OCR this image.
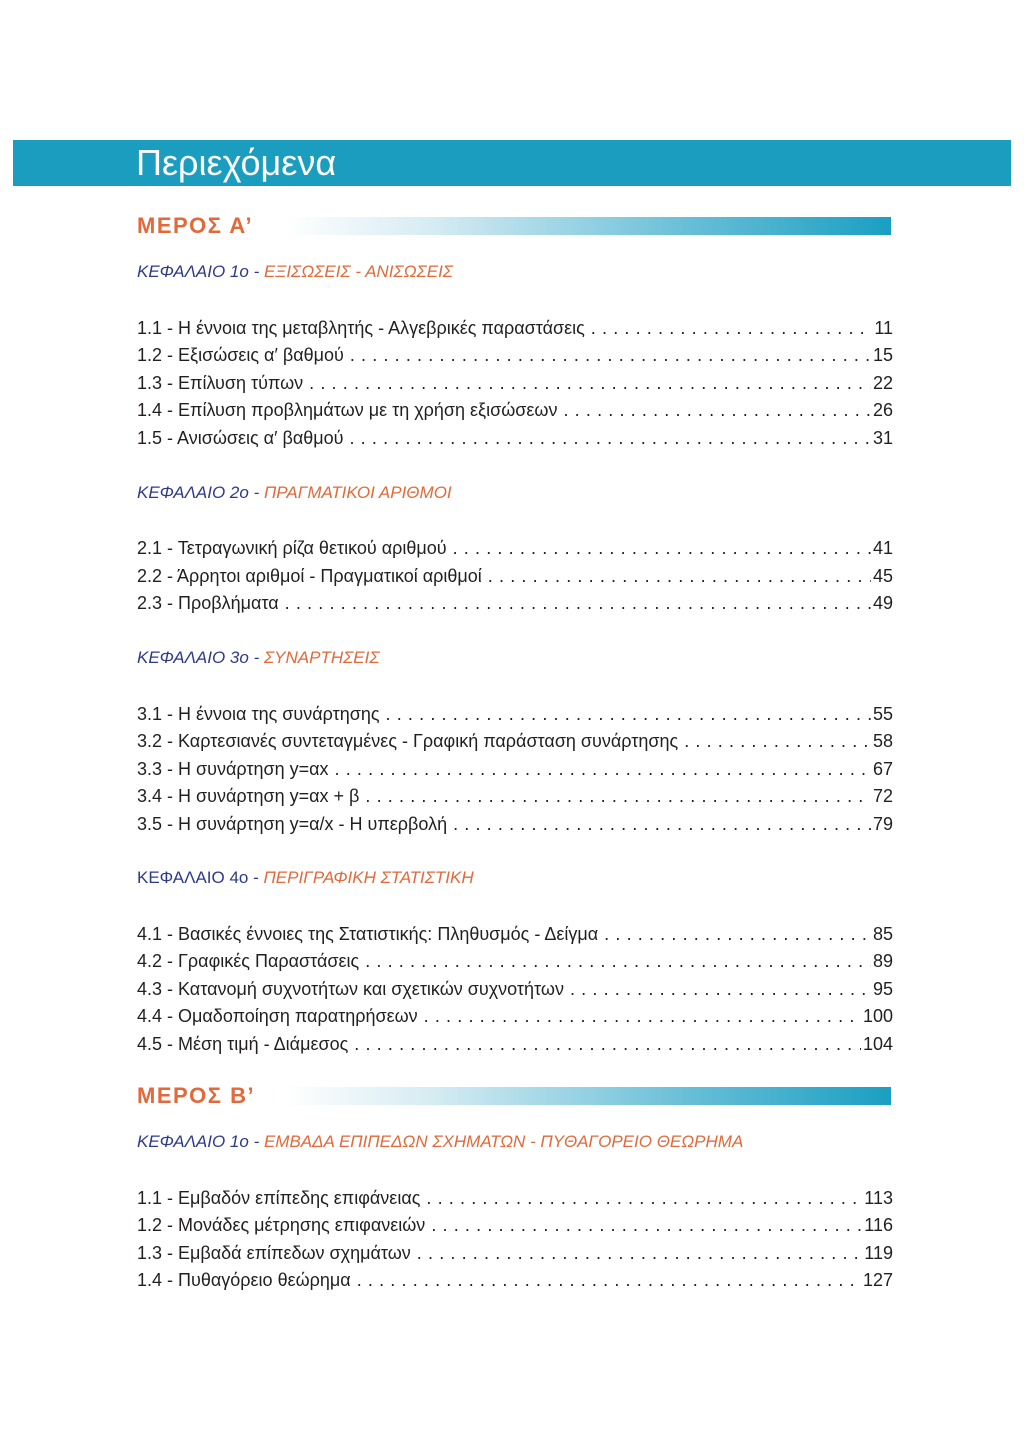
Περιεχόμενα
ΜΕΡΟΣ Α’
ΚΕΦΑΛΑΙΟ 1ο - ΕΞΙΣΩΣΕΙΣ - ΑΝΙΣΩΣΕΙΣ
1.1 - Η έννοια της μεταβλητής - Αλγεβρικές παραστάσεις . . .	11
1.2 - Εξισώσεις α′ βαθμού . . .	15
1.3 - Επίλυση τύπων . . .	22
1.4 - Επίλυση προβλημάτων με τη χρήση εξισώσεων . . .	26
1.5 - Ανισώσεις α′ βαθμού . . .	31
ΚΕΦΑΛΑΙΟ 2ο - ΠΡΑΓΜΑΤΙΚΟΙ ΑΡΙΘΜΟΙ
2.1 - Τετραγωνική ρίζα θετικού αριθμού . . .	41
2.2 - Άρρητοι αριθμοί - Πραγματικοί αριθμοί . . .	45
2.3 - Προβλήματα . . .	49
ΚΕΦΑΛΑΙΟ 3ο - ΣΥΝΑΡΤΗΣΕΙΣ
3.1 - Η έννοια της συνάρτησης . . .	55
3.2 - Καρτεσιανές συντεταγμένες - Γραφική παράσταση συνάρτησης . . .	58
3.3 - Η συνάρτηση y=αx . . .	67
3.4 - Η συνάρτηση y=αx + β . . .	72
3.5 - Η συνάρτηση y=α/x - Η υπερβολή . . .	79
ΚΕΦΑΛΑΙΟ 4ο - ΠΕΡΙΓΡΑΦΙΚΗ ΣΤΑΤΙΣΤΙΚΗ
4.1 - Βασικές έννοιες της Στατιστικής: Πληθυσμός - Δείγμα . . .	85
4.2 - Γραφικές Παραστάσεις . . .	89
4.3 - Κατανομή συχνοτήτων και σχετικών συχνοτήτων . . .	95
4.4 - Ομαδοποίηση παρατηρήσεων . . .	100
4.5 - Μέση τιμή - Διάμεσος . . .	104
ΜΕΡΟΣ Β’
ΚΕΦΑΛΑΙΟ 1ο - ΕΜΒΑΔΑ ΕΠΙΠΕΔΩΝ ΣΧΗΜΑΤΩΝ - ΠΥΘΑΓΟΡΕΙΟ ΘΕΩΡΗΜΑ
1.1 - Εμβαδόν επίπεδης επιφάνειας . . .	113
1.2 - Μονάδες μέτρησης επιφανειών . . .	116
1.3 - Εμβαδά επίπεδων σχημάτων . . .	119
1.4 - Πυθαγόρειο θεώρημα . . .	127
